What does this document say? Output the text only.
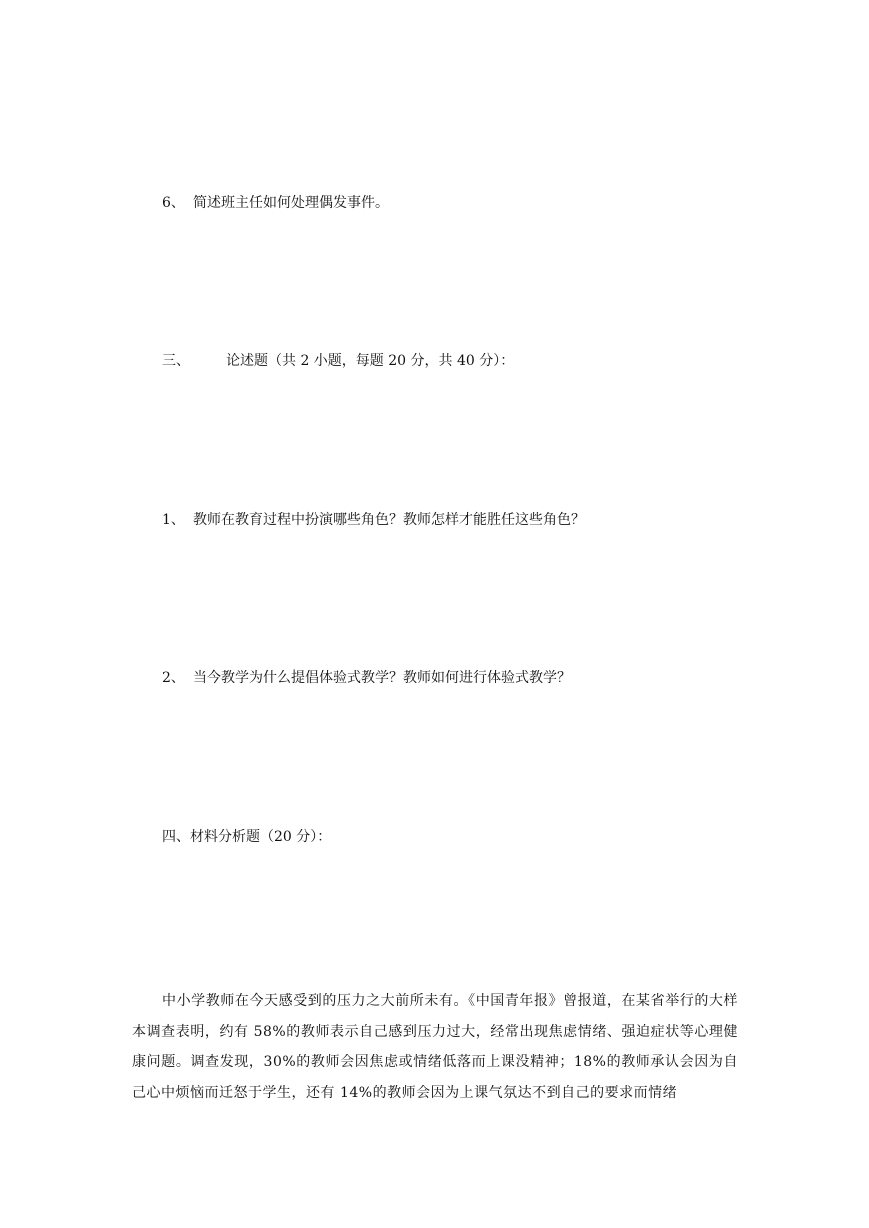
6、 简述班主任如何处理偶发事件。
三、	论述题（共 2 小题，每题 20 分，共 40 分）：
1、 教师在教育过程中扮演哪些角色？教师怎样才能胜任这些角色？
2、 当今教学为什么提倡体验式教学？教师如何进行体验式教学？
四、材料分析题（20 分）：
中小学教师在今天感受到的压力之大前所未有。《中国青年报》曾报道，在某省举行的大样本调查表明，约有 58%的教师表示自己感到压力过大，经常出现焦虑情绪、强迫症状等心理健康问题。调查发现，30%的教师会因焦虑或情绪低落而上课没精神；18%的教师承认会因为自己心中烦恼而迁怒于学生，还有 14%的教师会因为上课气氛达不到自己的要求而情绪
